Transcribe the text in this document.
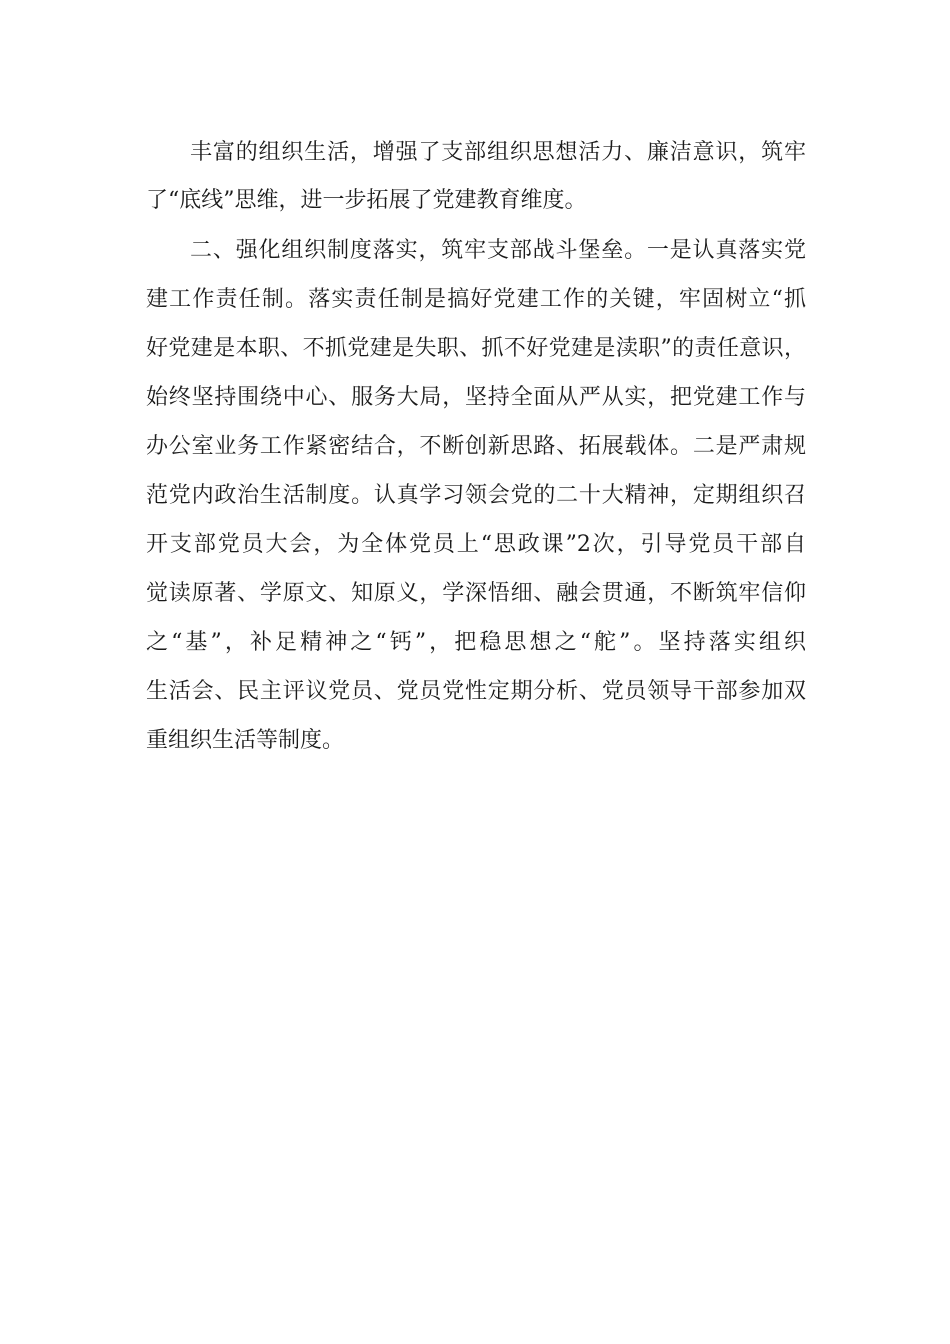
丰富的组织生活，增强了支部组织思想活力、廉洁意识，筑牢
了“底线”思维，进一步拓展了党建教育维度。
二、强化组织制度落实，筑牢支部战斗堡垒。一是认真落实党
建工作责任制。落实责任制是搞好党建工作的关键，牢固树立“抓
好党建是本职、不抓党建是失职、抓不好党建是渎职”的责任意识，
始终坚持围绕中心、服务大局，坚持全面从严从实，把党建工作与
办公室业务工作紧密结合，不断创新思路、拓展载体。二是严肃规
范党内政治生活制度。认真学习领会党的二十大精神，定期组织召
开支部党员大会，为全体党员上“思政课”2次，引导党员干部自
觉读原著、学原文、知原义，学深悟细、融会贯通，不断筑牢信仰
之“基”，补足精神之“钙”，把稳思想之“舵”。坚持落实组织
生活会、民主评议党员、党员党性定期分析、党员领导干部参加双
重组织生活等制度。
